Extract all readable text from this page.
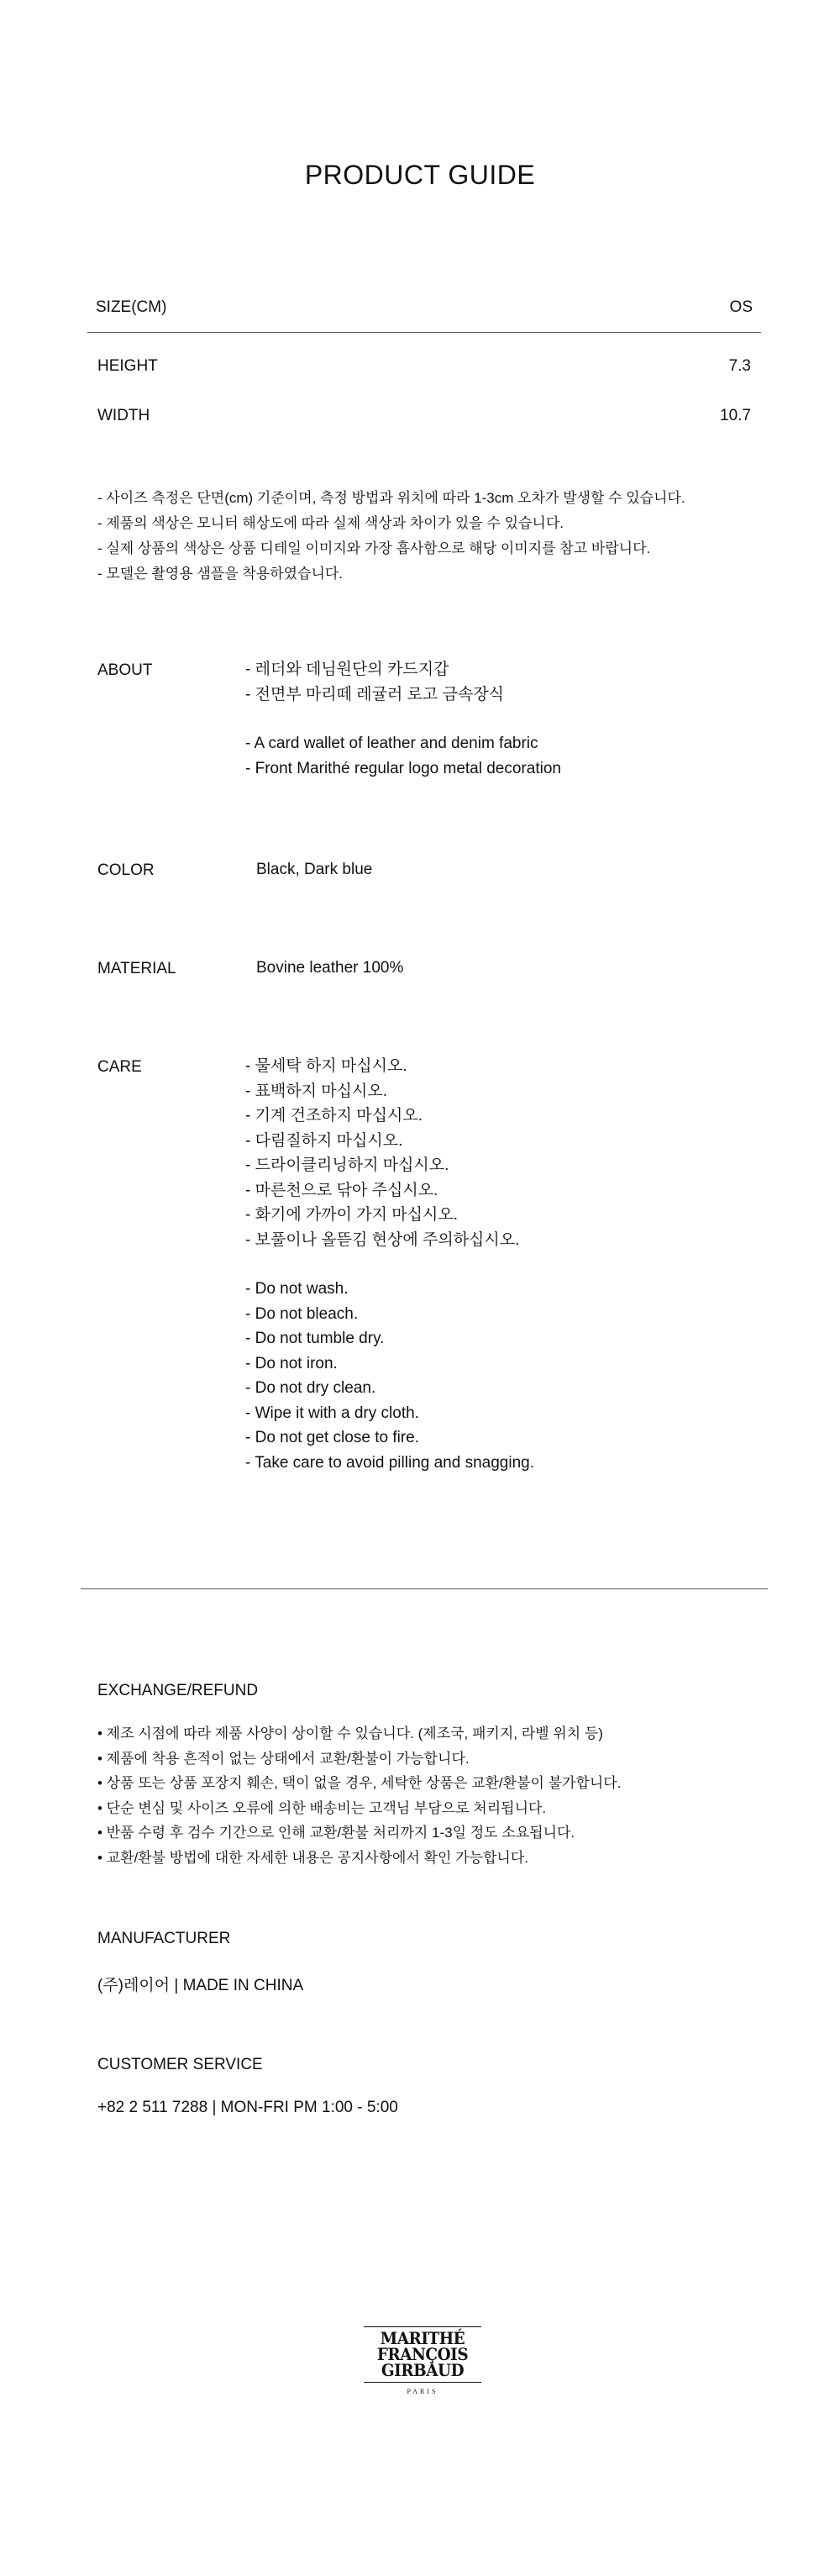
PRODUCT GUIDE
SIZE(CM)	OS
HEIGHT	7.3
WIDTH	10.7
- 사이즈 측정은 단면(cm) 기준이며, 측정 방법과 위치에 따라 1-3cm 오차가 발생할 수 있습니다.
- 제품의 색상은 모니터 해상도에 따라 실제 색상과 차이가 있을 수 있습니다.
- 실제 상품의 색상은 상품 디테일 이미지와 가장 흡사함으로 해당 이미지를 참고 바랍니다.
- 모델은 촬영용 샘플을 착용하였습니다.
ABOUT	- 레더와 데님원단의 카드지갑
- 전면부 마리떼 레귤러 로고 금속장식
- A card wallet of leather and denim fabric
- Front Marithé regular logo metal decoration
COLOR	Black, Dark blue
MATERIAL	Bovine leather 100%
CARE	- 물세탁 하지 마십시오.
- 표백하지 마십시오.
- 기계 건조하지 마십시오.
- 다림질하지 마십시오.
- 드라이클리닝하지 마십시오.
- 마른천으로 닦아 주십시오.
- 화기에 가까이 가지 마십시오.
- 보풀이나 올뜯김 현상에 주의하십시오.
- Do not wash.
- Do not bleach.
- Do not tumble dry.
- Do not iron.
- Do not dry clean.
- Wipe it with a dry cloth.
- Do not get close to fire.
- Take care to avoid pilling and snagging.
EXCHANGE/REFUND
• 제조 시점에 따라 제품 사양이 상이할 수 있습니다. (제조국, 패키지, 라벨 위치 등)
• 제품에 착용 흔적이 없는 상태에서 교환/환불이 가능합니다.
• 상품 또는 상품 포장지 훼손, 택이 없을 경우, 세탁한 상품은 교환/환불이 불가합니다.
• 단순 변심 및 사이즈 오류에 의한 배송비는 고객님 부담으로 처리됩니다.
• 반품 수령 후 검수 기간으로 인해 교환/환불 처리까지 1-3일 정도 소요됩니다.
• 교환/환불 방법에 대한 자세한 내용은 공지사항에서 확인 가능합니다.
MANUFACTURER
(주)레이어 | MADE IN CHINA
CUSTOMER SERVICE
+82 2 511 7288 | MON-FRI PM 1:00 - 5:00
MARITHÉ
FRANÇOIS
GIRBAUD
PARIS
